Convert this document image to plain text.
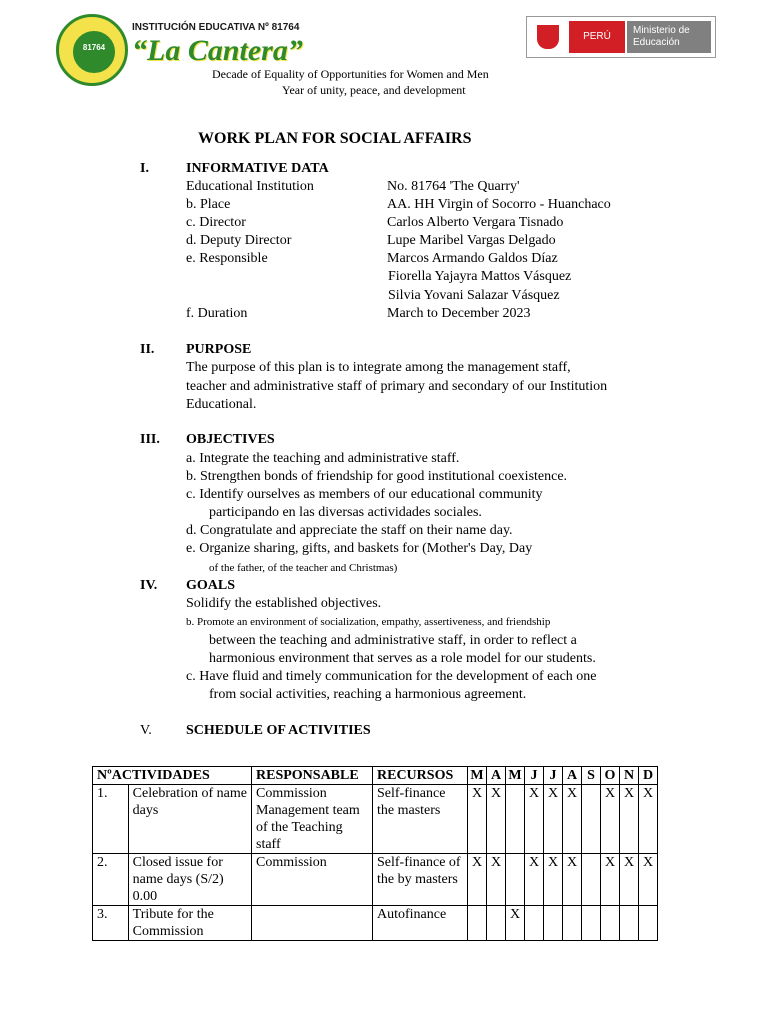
81764
INSTITUCIÓN EDUCATIVA Nº 81764
“La Cantera”	PERÚ
Ministerio de Educación
Decade of Equality of Opportunities for Women and Men
Year of unity, peace, and development
WORK PLAN FOR SOCIAL AFFAIRS
I.	INFORMATIVE DATA
Educational Institution	No. 81764 'The Quarry'
b. Place	AA. HH Virgin of Socorro - Huanchaco
c. Director	Carlos Alberto Vergara Tisnado
d. Deputy Director	Lupe Maribel Vargas Delgado
e. Responsible	Marcos Armando Galdos Díaz
Fiorella Yajayra Mattos Vásquez
Silvia Yovani Salazar Vásquez
f. Duration	March to December 2023
II. PURPOSE
The purpose of this plan is to integrate among the management staff,
teacher and administrative staff of primary and secondary of our Institution
Educational.
III. OBJECTIVES
a. Integrate the teaching and administrative staff.
b. Strengthen bonds of friendship for good institutional coexistence.
c. Identify ourselves as members of our educational community
participando en las diversas actividades sociales.
d. Congratulate and appreciate the staff on their name day.
e. Organize sharing, gifts, and baskets for (Mother's Day, Day
of the father, of the teacher and Christmas)
IV. GOALS
Solidify the established objectives.
b. Promote an environment of socialization, empathy, assertiveness, and friendship
between the teaching and administrative staff, in order to reflect a
harmonious environment that serves as a role model for our students.
c. Have fluid and timely communication for the development of each one
from social activities, reaching a harmonious agreement.
V. SCHEDULE OF ACTIVITIES
NºACTIVIDADES		RESPONSABLE	RECURSOS	M	A	M	J	J	A	S	O	N	D
1.	Celebration of name days	Commission Management team of the Teaching staff	Self-finance the masters	X	X		X	X	X		X	X	X
2.	Closed issue for name days (S/2) 0.00	Commission	Self-finance of the by masters	X	X		X	X	X		X	X	X
3.	Tribute for the Commission		Autofinance			X							
